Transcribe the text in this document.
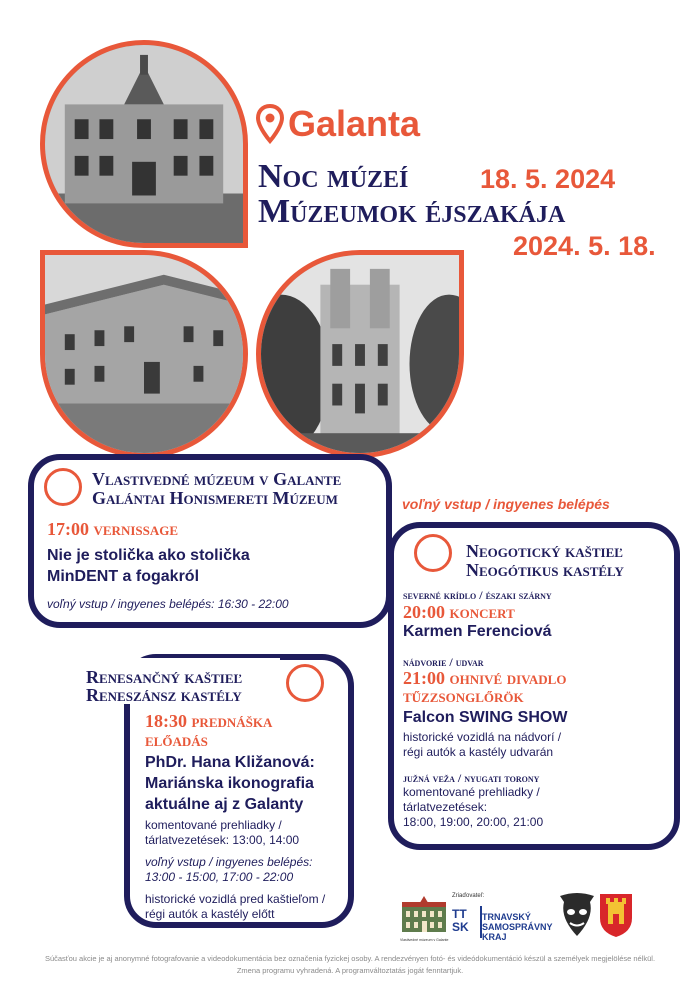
Galanta
Noc múzeí	18. 5. 2024
Múzeumok éjszakája
2024. 5. 18.
Vlastivedné múzeum v Galante
Galántai Honismereti Múzeum
17:00 vernissage
Nie je stolička ako stolička
MinDENT a fogakról
voľný vstup / ingyenes belépés: 16:30 - 22:00
voľný vstup / ingyenes belépés
Neogotický kaštieľ
Neogótikus kastély
severné krídlo / északi szárny
20:00 koncert
Karmen Ferenciová
nádvorie / udvar
21:00 ohnivé divadlo
tűzzsonglőrök
Falcon SWING SHOW
historické vozidlá na nádvorí /
régi autók a kastély udvarán
južná veža / nyugati torony
komentované prehliadky /
tárlatvezetések:
18:00, 19:00, 20:00, 21:00
Renesančný kaštieľ
Reneszánsz kastély
18:30 prednáška
előadás
PhDr. Hana Kližanová:
Mariánska ikonografia
aktuálne aj z Galanty
komentované prehliadky /
tárlatvezetések: 13:00, 14:00
voľný vstup / ingyenes belépés:
13:00 - 15:00, 17:00 - 22:00
historické vozidlá pred kaštieľom /
régi autók a kastély előtt
Vlastivedné múzeum v Galante
Zriaďovateľ:
TT SK
TRNAVSKÝ
SAMOSPRÁVNY
KRAJ
Súčasťou akcie je aj anonymné fotografovanie a videodokumentácia bez označenia fyzickej osoby. A rendezvényen fotó- és videódokumentáció készül a személyek megjelölése nélkül.
Zmena programu vyhradená. A programváltoztatás jogát fenntartjuk.
